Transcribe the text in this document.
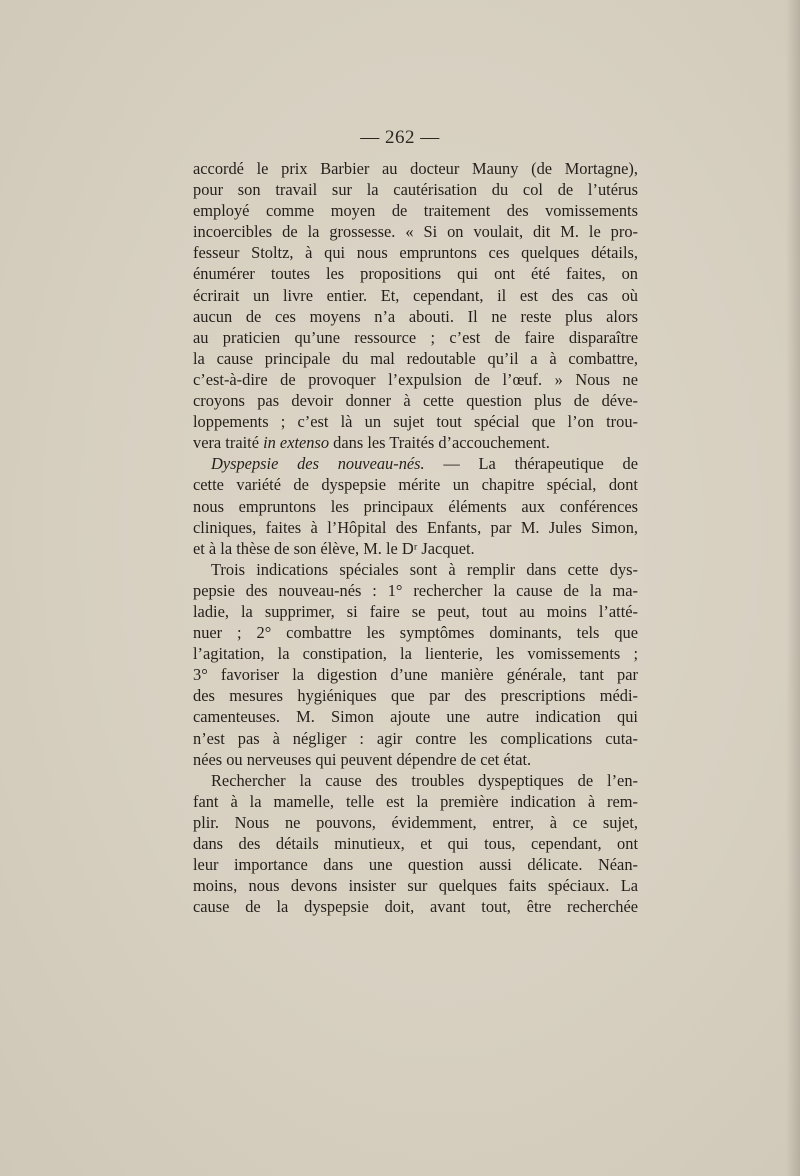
— 262 —
accordé le prix Barbier au docteur Mauny (de Mortagne),
pour son travail sur la cautérisation du col de l’utérus
employé comme moyen de traitement des vomissements
incoercibles de la grossesse. « Si on voulait, dit M. le pro-
fesseur Stoltz, à qui nous empruntons ces quelques détails,
énumérer toutes les propositions qui ont été faites, on
écrirait un livre entier. Et, cependant, il est des cas où
aucun de ces moyens n’a abouti. Il ne reste plus alors
au praticien qu’une ressource ; c’est de faire disparaître
la cause principale du mal redoutable qu’il a à combattre,
c’est-à-dire de provoquer l’expulsion de l’œuf. » Nous ne
croyons pas devoir donner à cette question plus de déve-
loppements ; c’est là un sujet tout spécial que l’on trou-
vera traité in extenso dans les Traités d’accouchement.
Dyspepsie des nouveau-nés. — La thérapeutique de
cette variété de dyspepsie mérite un chapitre spécial, dont
nous empruntons les principaux éléments aux conférences
cliniques, faites à l’Hôpital des Enfants, par M. Jules Simon,
et à la thèse de son élève, M. le Dʳ Jacquet.
Trois indications spéciales sont à remplir dans cette dys-
pepsie des nouveau-nés : 1° rechercher la cause de la ma-
ladie, la supprimer, si faire se peut, tout au moins l’atté-
nuer ; 2° combattre les symptômes dominants, tels que
l’agitation, la constipation, la lienterie, les vomissements ;
3° favoriser la digestion d’une manière générale, tant par
des mesures hygiéniques que par des prescriptions médi-
camenteuses. M. Simon ajoute une autre indication qui
n’est pas à négliger : agir contre les complications cuta-
nées ou nerveuses qui peuvent dépendre de cet état.
Rechercher la cause des troubles dyspeptiques de l’en-
fant à la mamelle, telle est la première indication à rem-
plir. Nous ne pouvons, évidemment, entrer, à ce sujet,
dans des détails minutieux, et qui tous, cependant, ont
leur importance dans une question aussi délicate. Néan-
moins, nous devons insister sur quelques faits spéciaux. La
cause de la dyspepsie doit, avant tout, être recherchée
